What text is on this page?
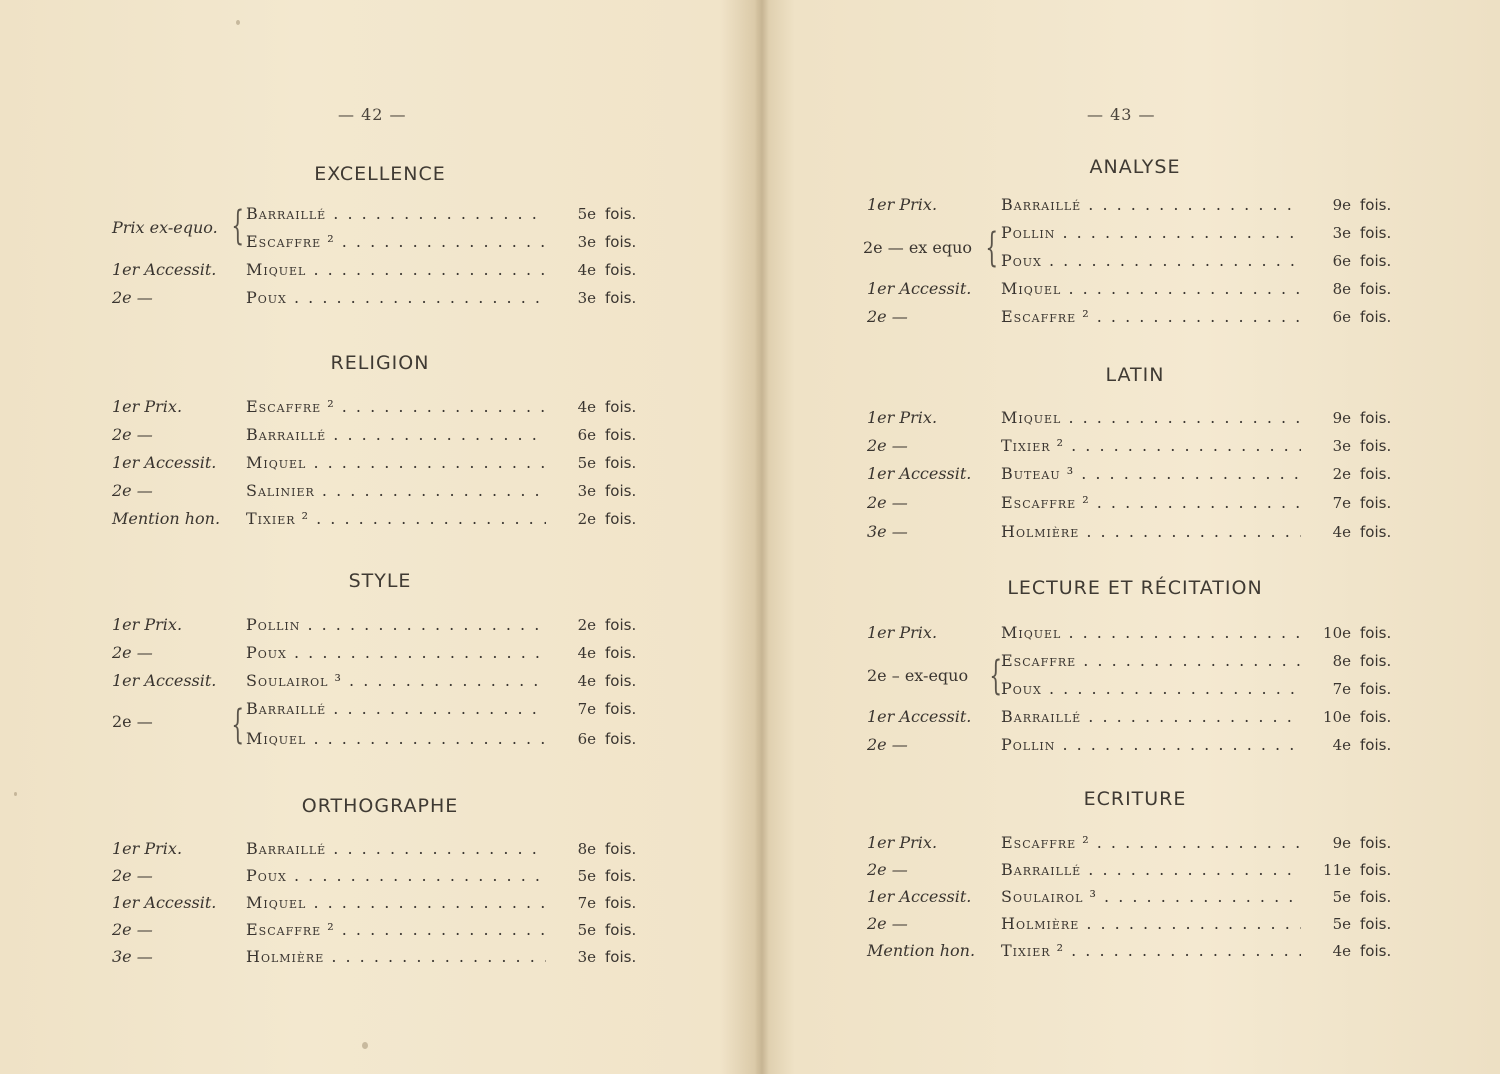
— 42 —
EXCELLENCE
Prix ex-equo. { Barraillé . . .	5e fois.
Escaffre ² . . .	3e fois.
1er Accessit.	Miquel . . .	4e fois.
2e —	Poux . . .	3e fois.
RELIGION
1er Prix.	Escaffre ² . . .	4e fois.
2e —	Barraillé . . .	6e fois.
1er Accessit.	Miquel . . .	5e fois.
2e —	Salinier . . .	3e fois.
Mention hon.	Tixier ² . . .	2e fois.
STYLE
1er Prix.	Pollin . . .	2e fois.
2e —	Poux . . .	4e fois.
1er Accessit.	Soulairol ³ . . .	4e fois.
2e — { Barraillé . . .	7e fois.
Miquel . . .	6e fois.
ORTHOGRAPHE
1er Prix.	Barraillé . . .	8e fois.
2e —	Poux . . .	5e fois.
1er Accessit.	Miquel . . .	7e fois.
2e —	Escaffre ² . . .	5e fois.
3e —	Holmière . . .	3e fois.
— 43 —
ANALYSE
1er Prix.	Barraillé . . .	9e fois.
2e — ex equo { Pollin . . .	3e fois.
Poux . . .	6e fois.
1er Accessit.	Miquel . . .	8e fois.
2e —	Escaffre ² . . .	6e fois.
LATIN
1er Prix.	Miquel . . .	9e fois.
2e —	Tixier ² . . .	3e fois.
1er Accessit.	Buteau ³ . . .	2e fois.
2e —	Escaffre ² . . .	7e fois.
3e —	Holmière . . .	4e fois.
LECTURE ET RÉCITATION
1er Prix.	Miquel . . .	10e fois.
2e – ex-equo {
Escaffre . . .	8e fois.
Poux . . .	7e fois.
1er Accessit.	Barraillé . . .	10e fois.
2e —	Pollin . . .	4e fois.
ECRITURE
1er Prix.	Escaffre ² . . .	9e fois.
2e —	Barraillé . . .	11e fois.
1er Accessit.	Soulairol ³ . . .	5e fois.
2e —	Holmière . . .	5e fois.
Mention hon.	Tixier ² . . .	4e fois.
